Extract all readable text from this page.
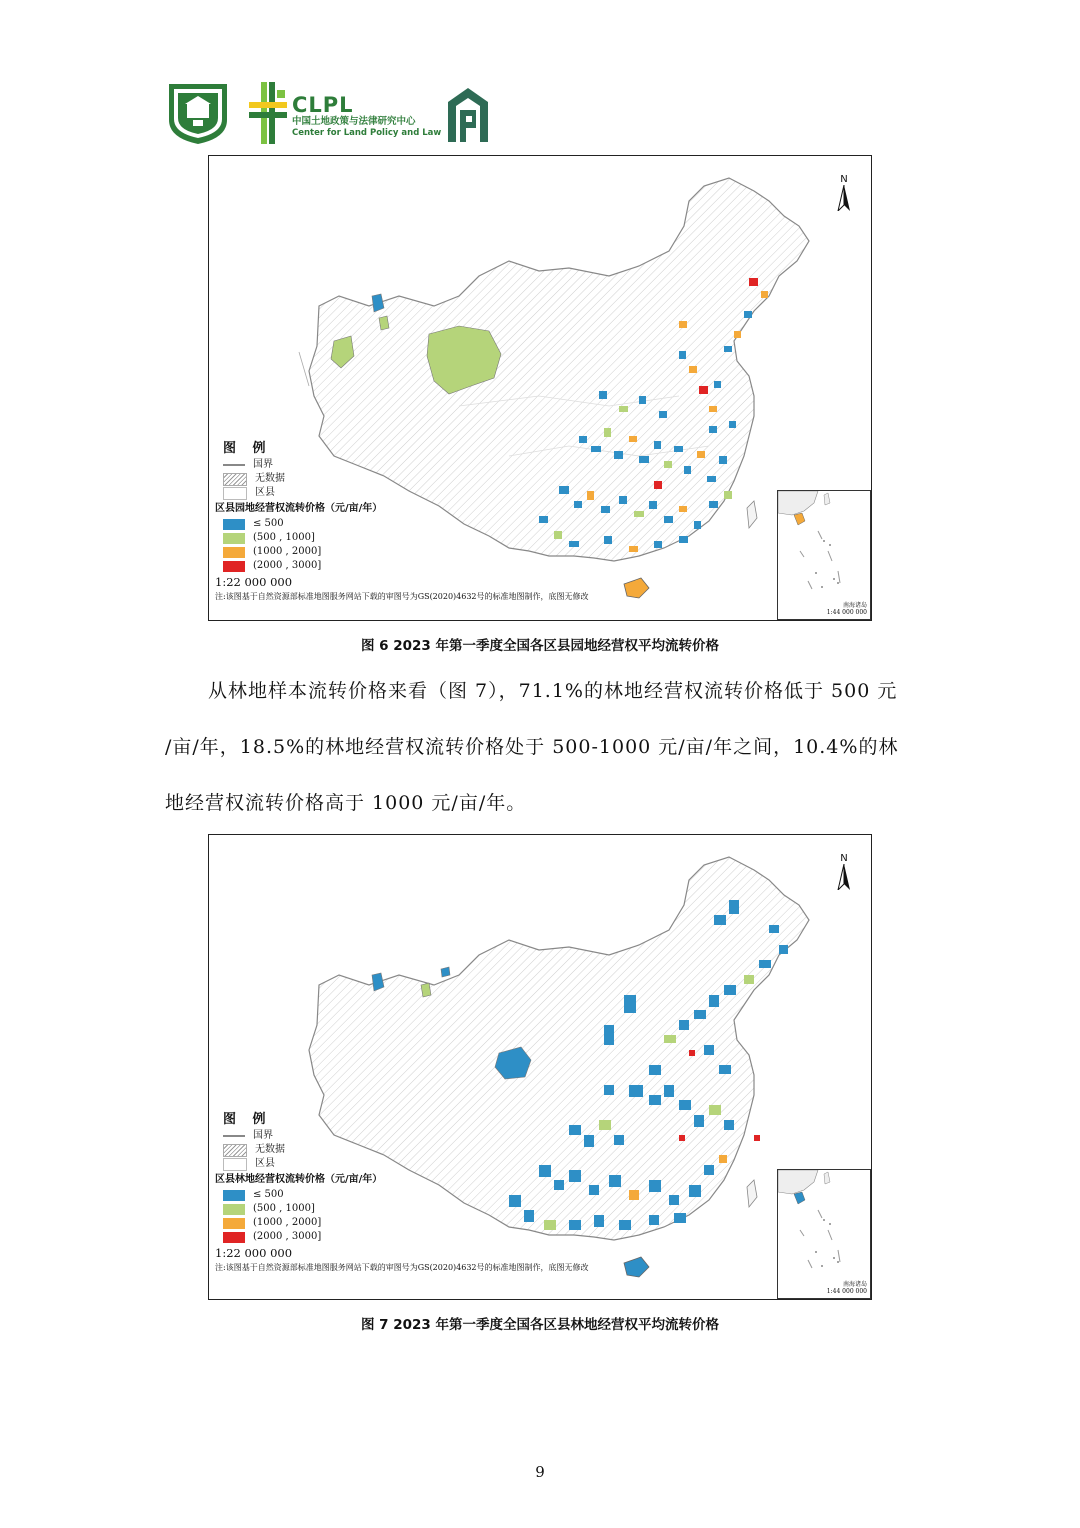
CLPL
中国土地政策与法律研究中心
Center for Land Policy and Law
N
图 例
国界
无数据
区县
区县园地经营权流转价格（元/亩/年）
≤ 500
(500 , 1000]
(1000 , 2000]
(2000 , 3000]
1:22 000 000
注:该图基于自然资源部标准地图服务网站下载的审图号为GS(2020)4632号的标准地图制作，底图无修改
南海诸岛
1:44 000 000
图 6 2023 年第一季度全国各区县园地经营权平均流转价格
从林地样本流转价格来看（图 7），71.1%的林地经营权流转价格低于 500 元
/亩/年，18.5%的林地经营权流转价格处于 500-1000 元/亩/年之间，10.4%的林
地经营权流转价格高于 1000 元/亩/年。
N
图 例
国界
无数据
区县
区县林地经营权流转价格（元/亩/年）
≤ 500
(500 , 1000]
(1000 , 2000]
(2000 , 3000]
1:22 000 000
注:该图基于自然资源部标准地图服务网站下载的审图号为GS(2020)4632号的标准地图制作，底图无修改
南海诸岛
1:44 000 000
图 7 2023 年第一季度全国各区县林地经营权平均流转价格
9
